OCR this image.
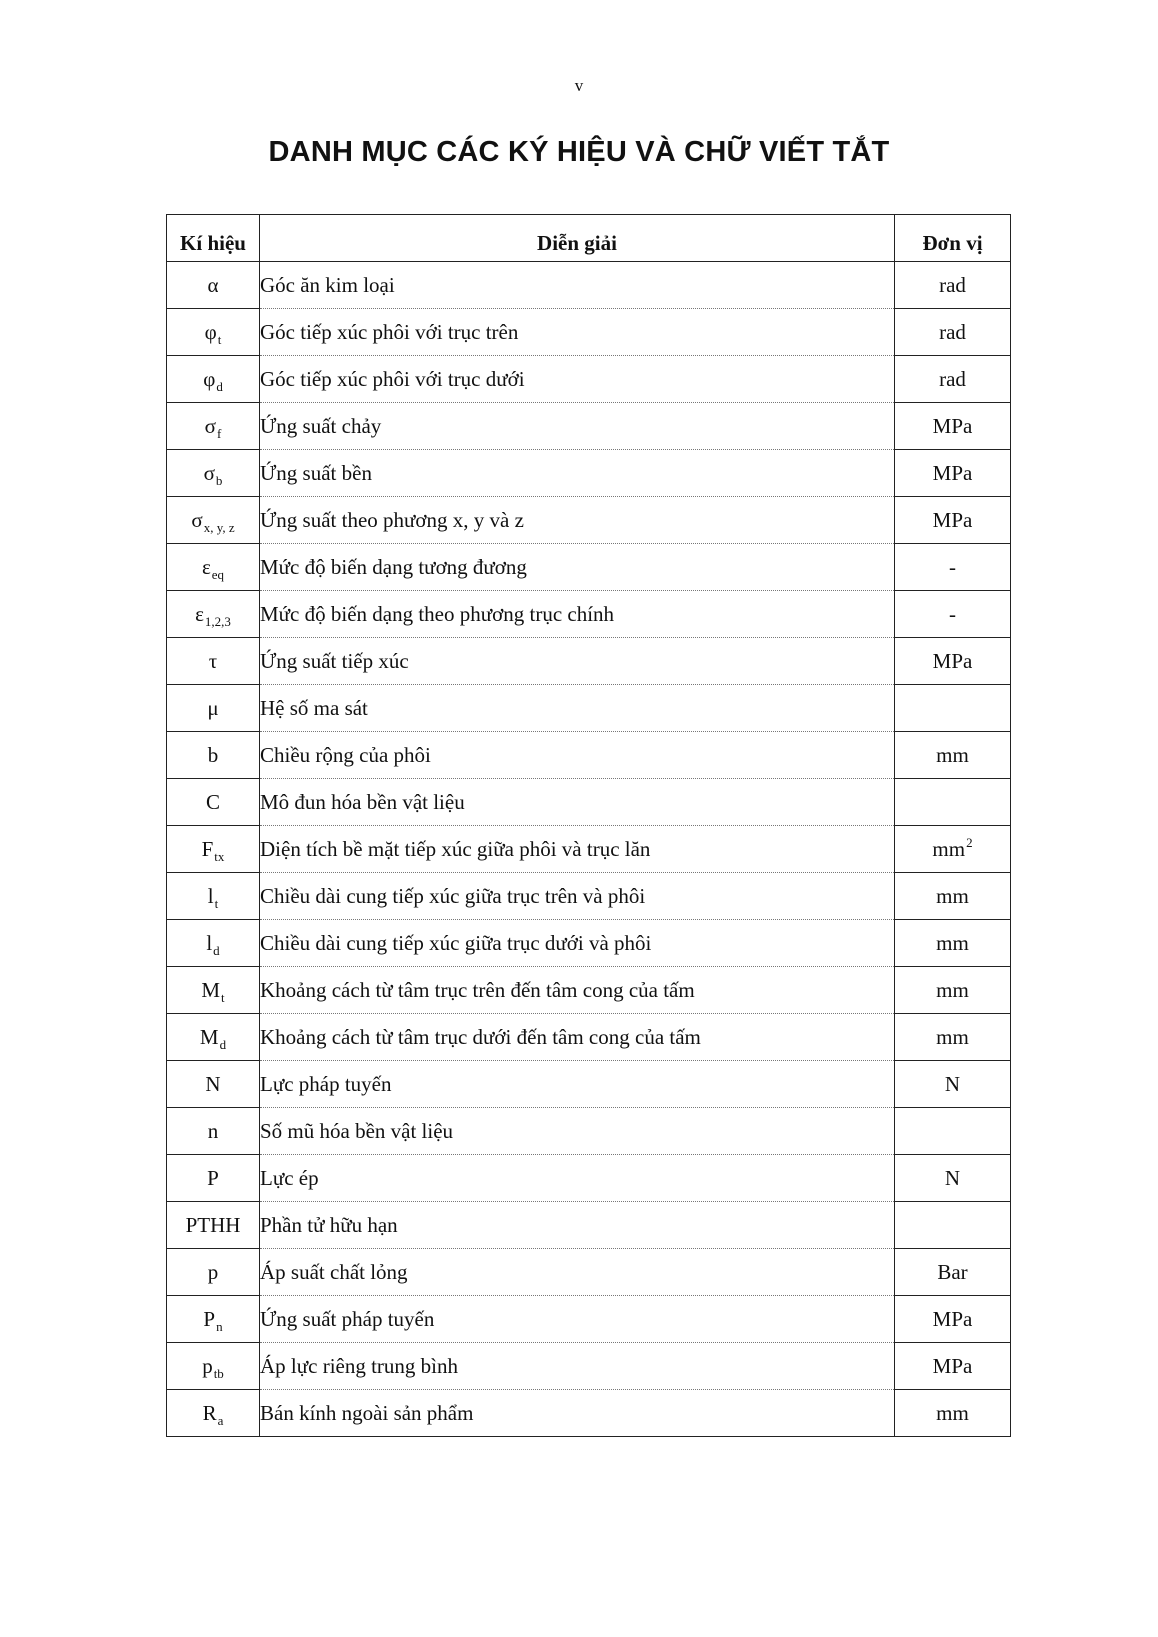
v
DANH MỤC CÁC KÝ HIỆU VÀ CHỮ VIẾT TẮT
Kí hiệu	Diễn giải	Đơn vị
α	Góc ăn kim loại	rad
$\varphi_t$	Góc tiếp xúc phôi với trục trên	rad
$\varphi_d$	Góc tiếp xúc phôi với trục dưới	rad
$\sigma_f$	Ứng suất chảy	MPa
$\sigma_b$	Ứng suất bền	MPa
$\sigma_{x, y, z}$	Ứng suất theo phương x, y và z	MPa
$\varepsilon_{eq}$	Mức độ biến dạng tương đương	-
$\varepsilon_{1,2,3}$	Mức độ biến dạng theo phương trục chính	-
τ	Ứng suất tiếp xúc	MPa
μ	Hệ số ma sát	
b	Chiều rộng của phôi	mm
C	Mô đun hóa bền vật liệu	
$F_{tx}$	Diện tích bề mặt tiếp xúc giữa phôi và trục lăn	$mm^2$
$l_t$	Chiều dài cung tiếp xúc giữa trục trên và phôi	mm
$l_d$	Chiều dài cung tiếp xúc giữa trục dưới và phôi	mm
$M_t$	Khoảng cách từ tâm trục trên đến tâm cong của tấm	mm
$M_d$	Khoảng cách từ tâm trục dưới đến tâm cong của tấm	mm
N	Lực pháp tuyến	N
n	Số mũ hóa bền vật liệu	
P	Lực ép	N
PTHH	Phần tử hữu hạn	
p	Áp suất chất lỏng	Bar
$P_n$	Ứng suất pháp tuyến	MPa
$p_{tb}$	Áp lực riêng trung bình	MPa
$R_a$	Bán kính ngoài sản phẩm	mm
